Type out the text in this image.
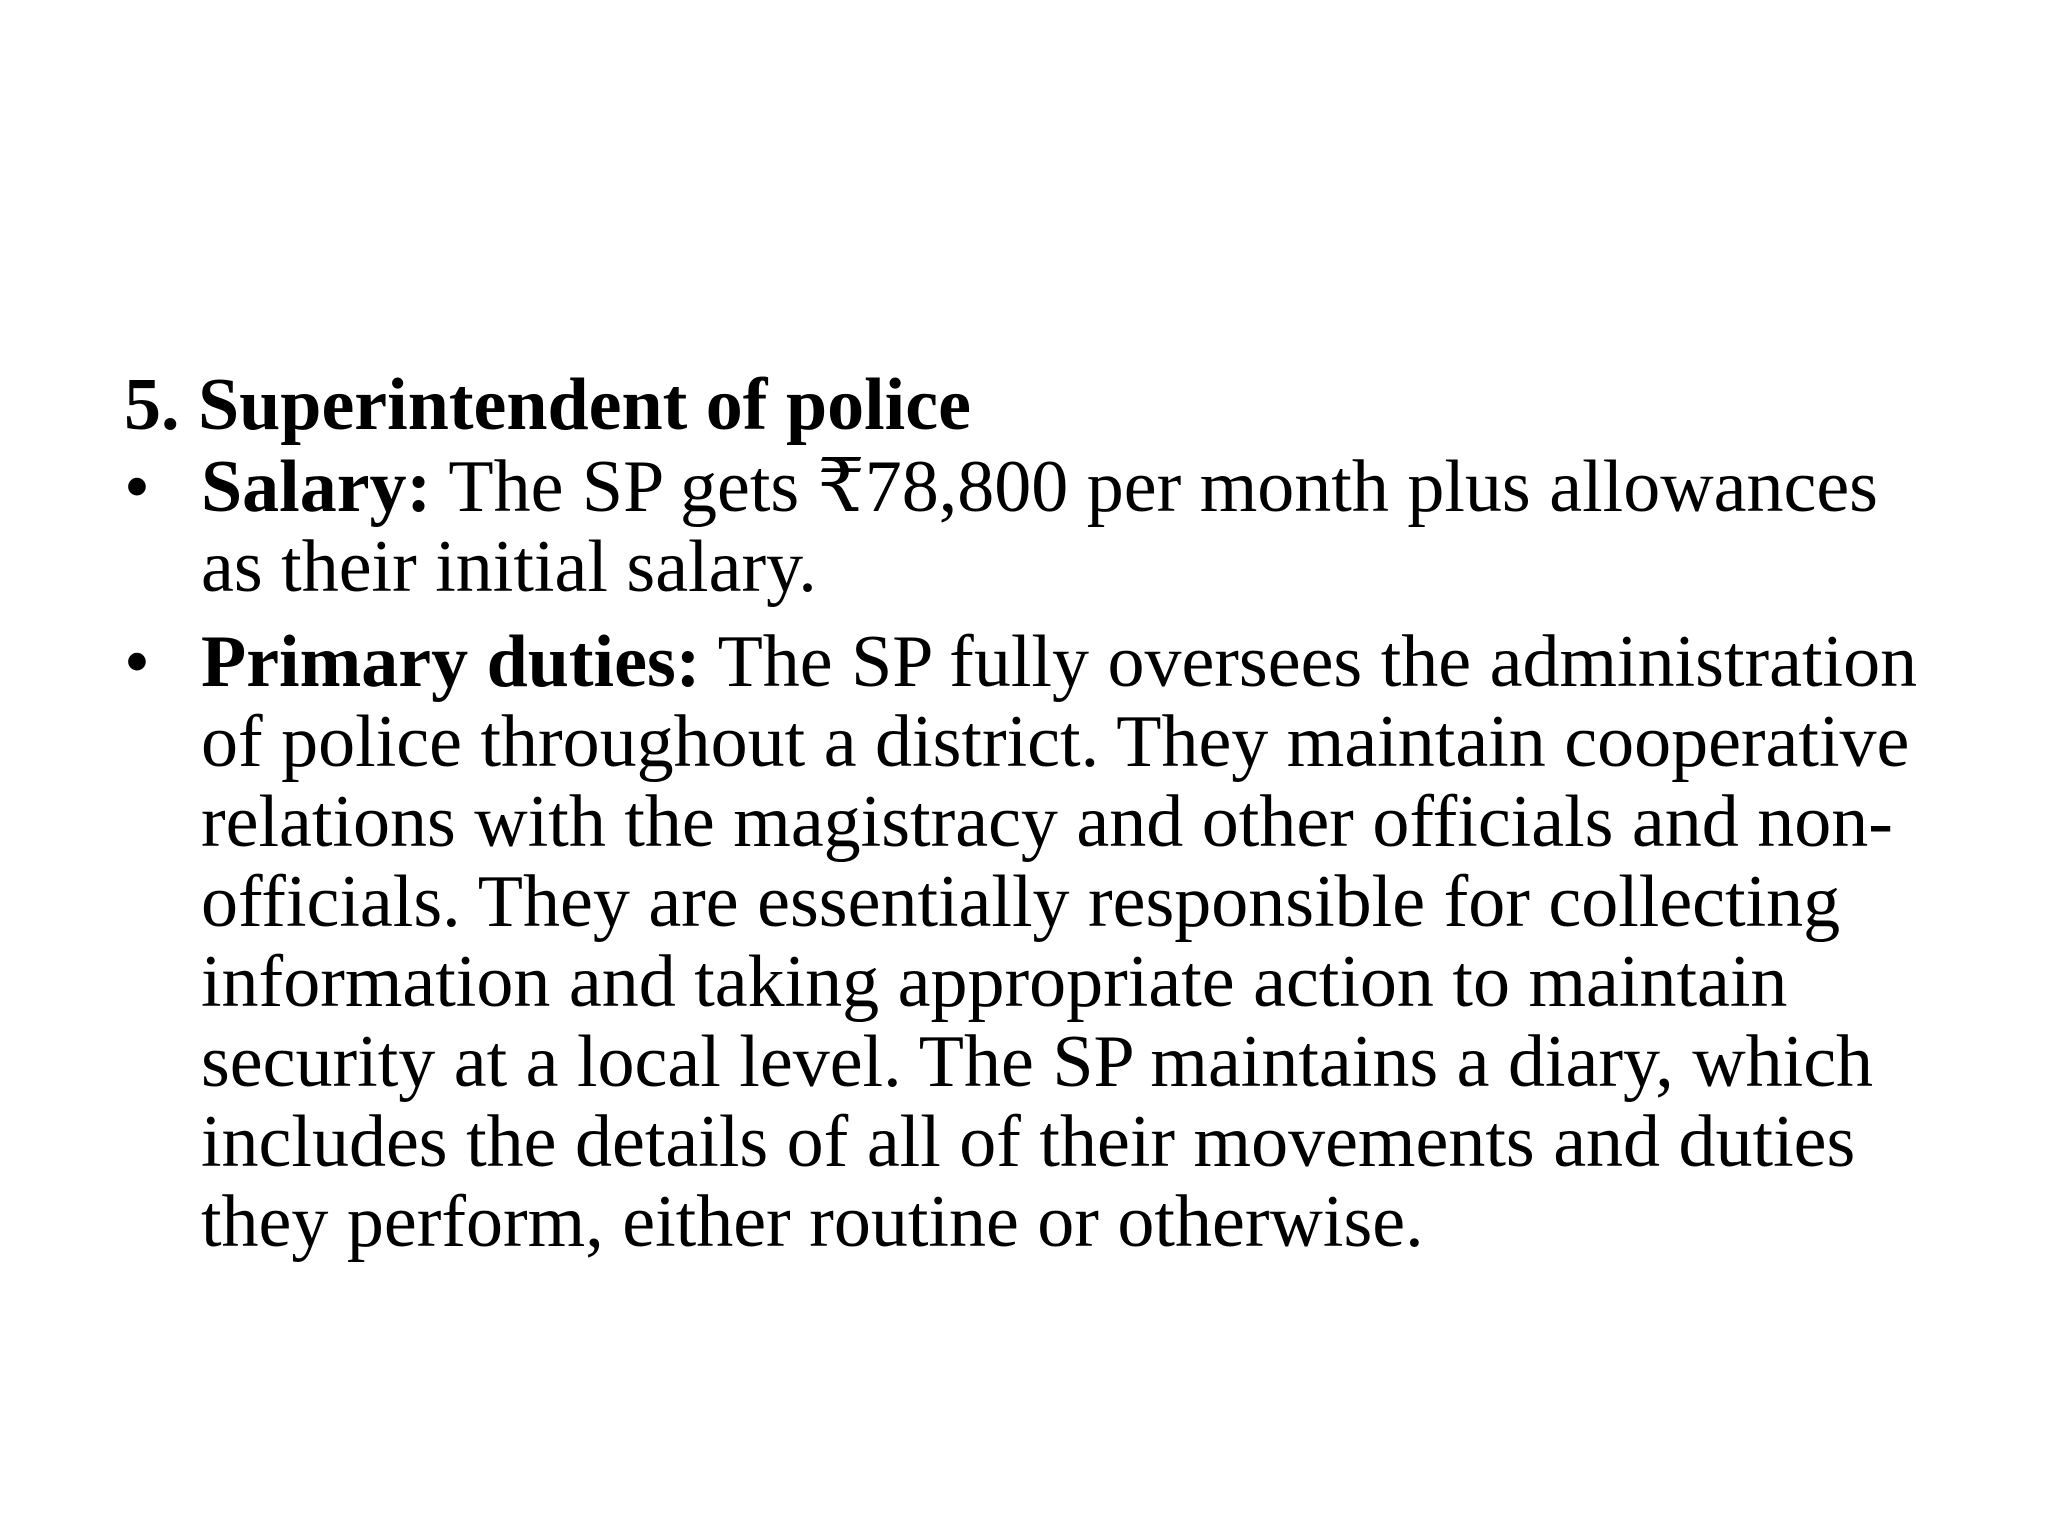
5. Superintendent of police
• Salary: The SP gets ₹78,800 per month plus allowances as their initial salary.
• Primary duties: The SP fully oversees the administration of police throughout a district. They maintain cooperative relations with the magistracy and other officials and non-officials. They are essentially responsible for collecting information and taking appropriate action to maintain security at a local level. The SP maintains a diary, which includes the details of all of their movements and duties they perform, either routine or otherwise.
